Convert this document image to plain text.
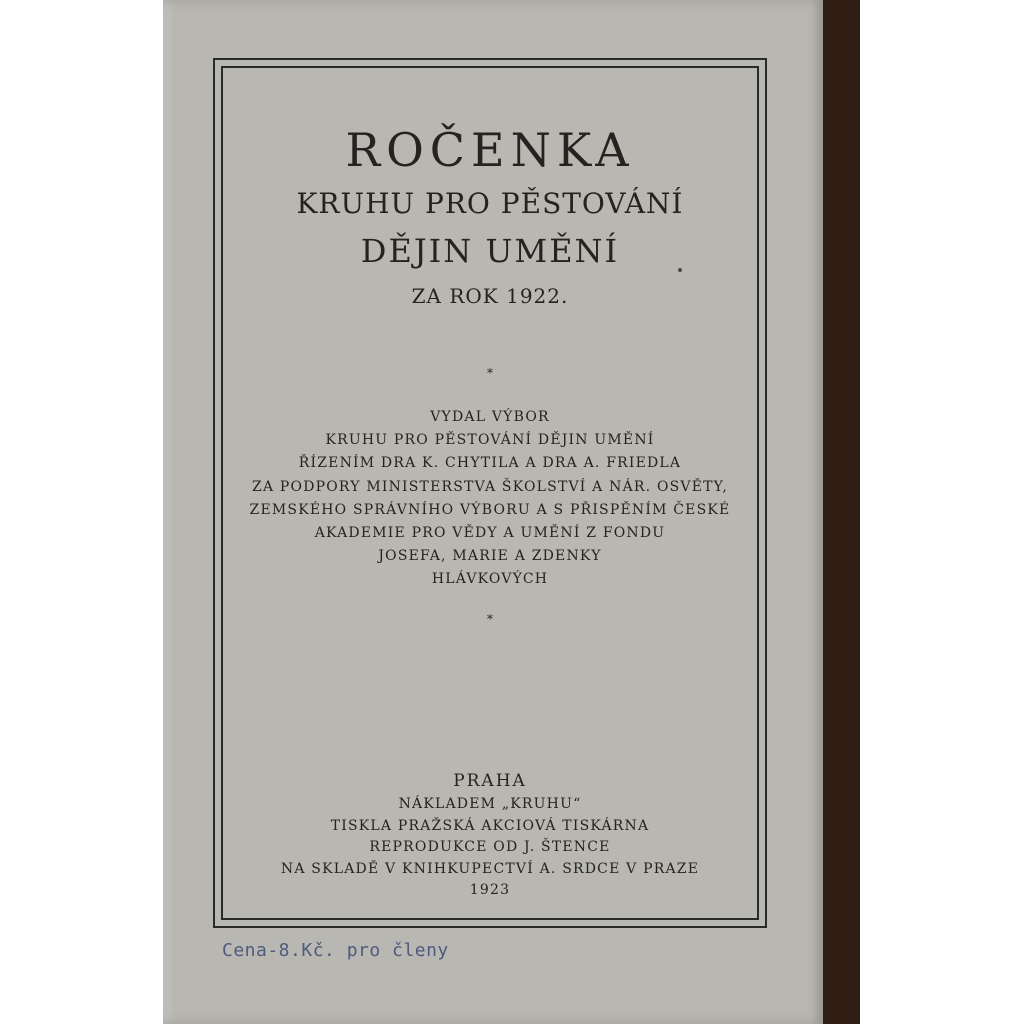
ROČENKA
KRUHU PRO PĚSTOVÁNÍ
DĚJIN UMĚNÍ
ZA ROK 1922.
*
VYDAL VÝBOR
KRUHU PRO PĚSTOVÁNÍ DĚJIN UMĚNÍ
ŘÍZENÍM DRA K. CHYTILA A DRA A. FRIEDLA
ZA PODPORY MINISTERSTVA ŠKOLSTVÍ A NÁR. OSVĚTY,
ZEMSKÉHO SPRÁVNÍHO VÝBORU A S PŘISPĚNÍM ČESKÉ
AKADEMIE PRO VĚDY A UMĚNÍ Z FONDU
JOSEFA, MARIE A ZDENKY
HLÁVKOVÝCH
*
PRAHA
NÁKLADEM „KRUHU“
TISKLA PRAŽSKÁ AKCIOVÁ TISKÁRNA
REPRODUKCE OD J. ŠTENCE
NA SKLADĚ V KNIHKUPECTVÍ A. SRDCE V PRAZE
1923
Cena-8.Kč. pro členy
